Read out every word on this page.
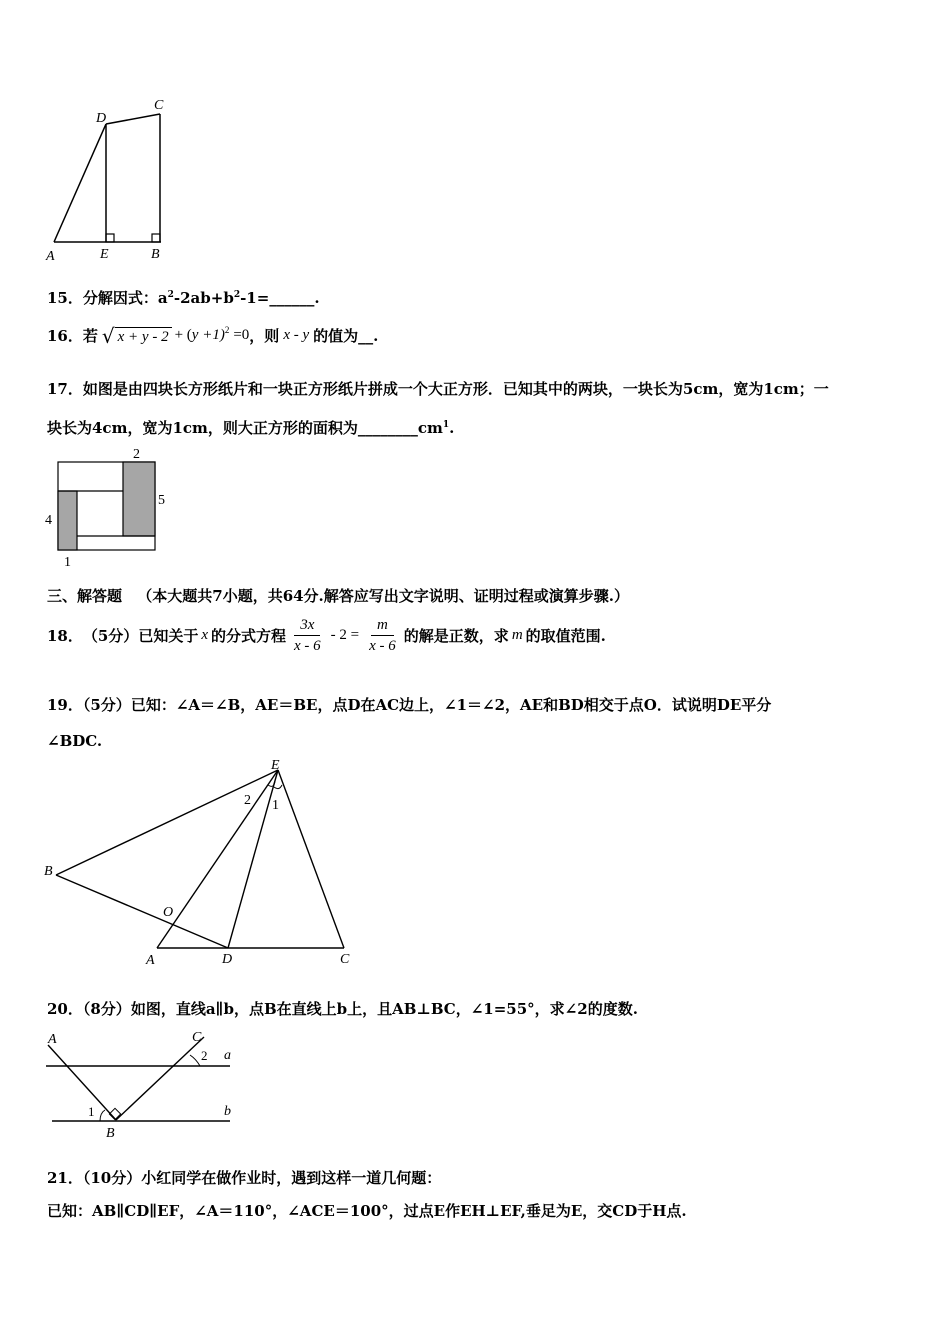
D
C
A	E	B
15．分解因式：$a^2-2ab+b^2-1=\_\_\_\_\_\_$.
16． 若 √ x + y - 2 + ( y +1)$^2$ =0 ，则 x - y 的值为 __ .
17．如图是由四块长方形纸片和一块正方形纸片拼成一个大正方形．已知其中的两块，一块长为5cm，宽为1cm；一
块长为4cm，宽为1cm，则大正方形的面积为$\_\_\_\_\_\_\_\_cm^1$.
2
5
4
1
三、解答题 （本大题共7小题，共64分.解答应写出文字说明、证明过程或演算步骤.）
18． （5分） 已知关于 x 的分式方程 $\frac{3x}{x - 6} - 2 = \frac{m}{x - 6}$ 的解是正数，求 m 的取值范围.
19．（5分）已知：∠A＝∠B，AE＝BE，点D在AC边上，∠1＝∠2，AE和BD相交于点O．试说明DE平分
∠BDC.
E
2 1
B
O
A	D	C
20．（8分）如图，直线a∥b，点B在直线上b上，且AB⊥BC，∠1=55°，求∠2的度数.
A	C
2 a
1	b
B
21．（10分）小红同学在做作业时，遇到这样一道几何题：
已知：AB∥CD∥EF，∠A＝110°，∠ACE＝100°，过点E作EH⊥EF,垂足为E，交CD于H点.
